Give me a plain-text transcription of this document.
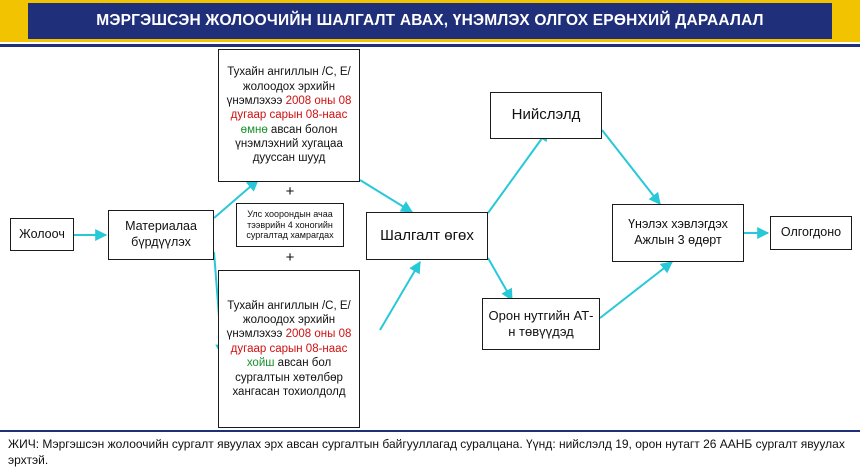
МЭРГЭШСЭН ЖОЛООЧИЙН ШАЛГАЛТ АВАХ, ҮНЭМЛЭХ ОЛГОХ ЕРӨНХИЙ ДАРААЛАЛ
Жолооч
Материалаа бүрдүүлэх
Тухайн ангиллын /С, Е/ жолоодох эрхийн үнэмлэхээ 2008 оны 08 дугаар сарын 08-наас өмнө авсан болон үнэмлэхний хугацаа дууссан шууд
+
Улс хоорондын ачаа тээврийн 4 хоногийн сургалтад хамрагдах
+
Тухайн ангиллын /С, Е/ жолоодох эрхийн үнэмлэхээ 2008 оны 08 дугаар сарын 08-наас хойш авсан бол сургалтын хөтөлбөр хангасан тохиолдолд
Шалгалт өгөх
Нийслэлд
Орон нутгийн АТ-н төвүүдэд
Үнэлэх хэвлэгдэх Ажлын 3 өдөрт
Олгогдоно
ЖИЧ: Мэргэшсэн жолоочийн сургалт явуулах эрх авсан сургалтын байгууллагад суралцана. Үүнд: нийслэлд 19, орон нутагт 26 ААНБ сургалт явуулах эрхтэй.
